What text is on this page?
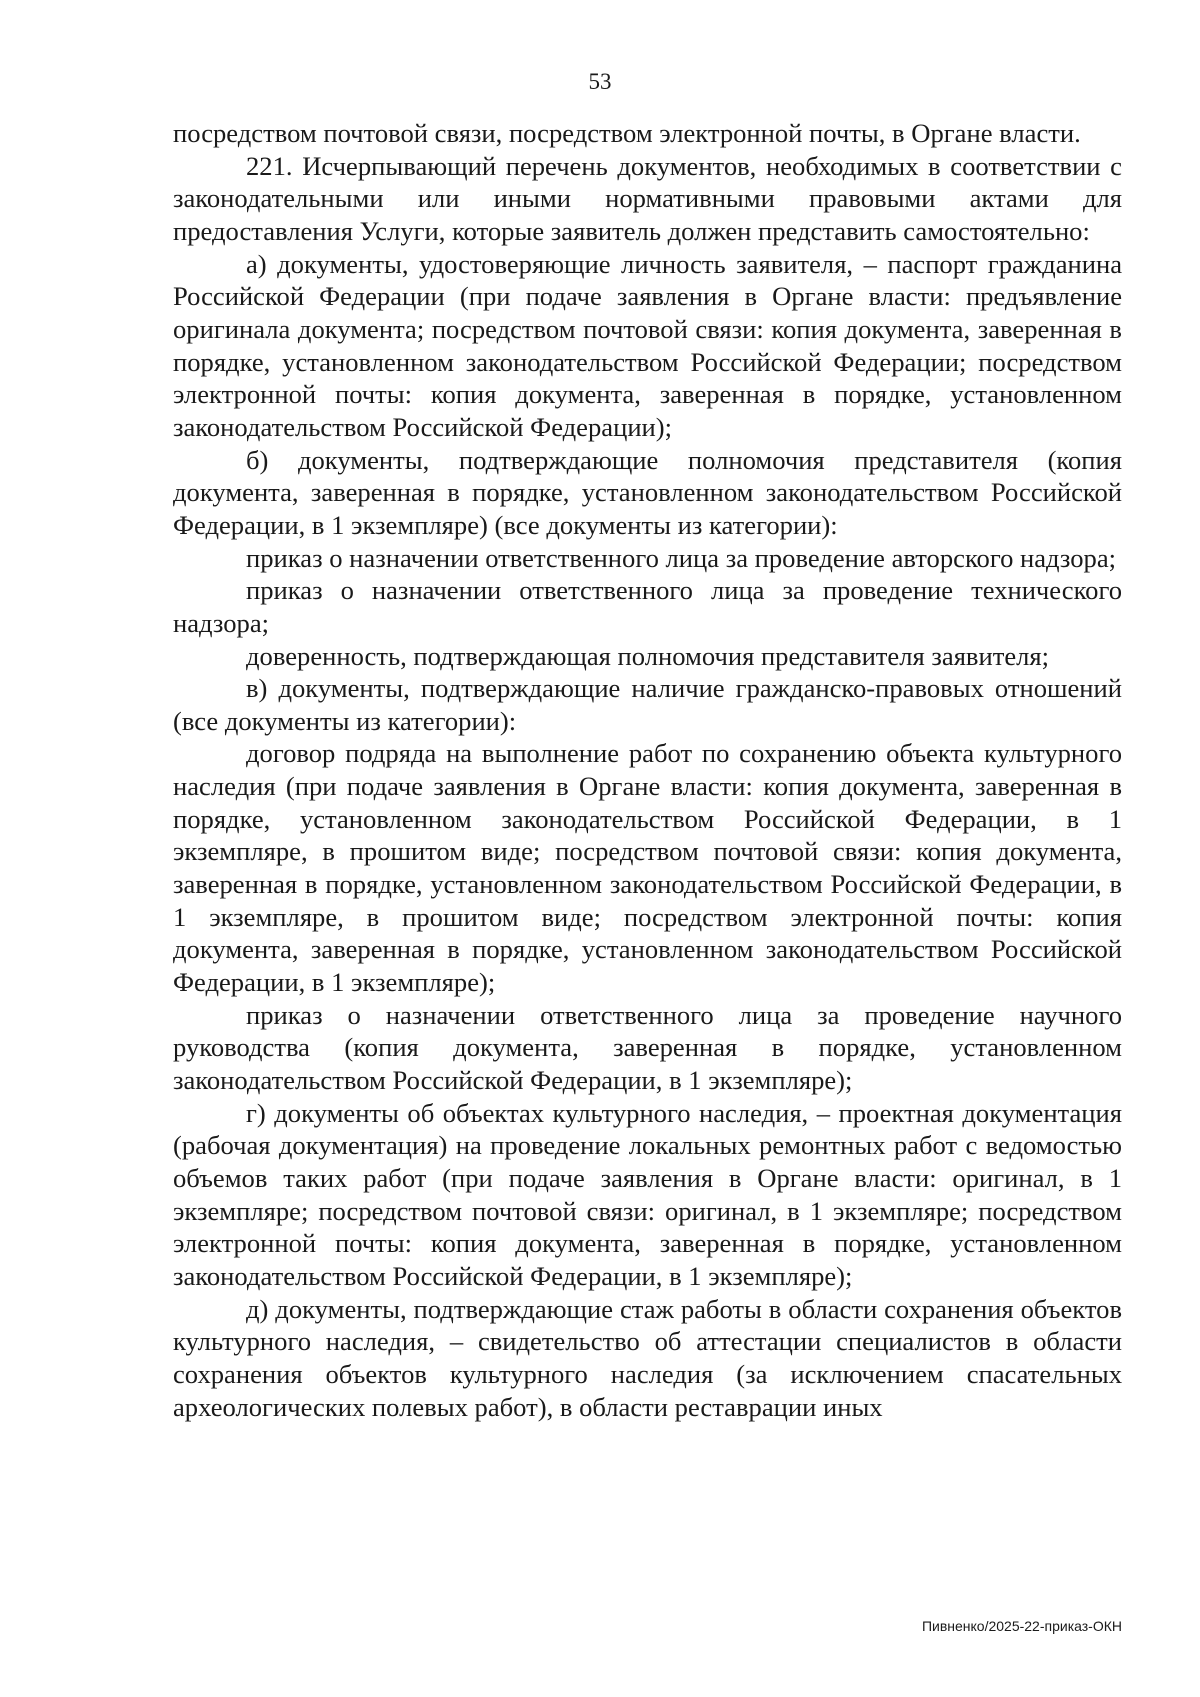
53

посредством почтовой связи, посредством электронной почты, в Органе власти.

221. Исчерпывающий перечень документов, необходимых в соответствии с законодательными или иными нормативными правовыми актами для предоставления Услуги, которые заявитель должен представить самостоятельно:

а) документы, удостоверяющие личность заявителя, – паспорт гражданина Российской Федерации (при подаче заявления в Органе власти: предъявление оригинала документа; посредством почтовой связи: копия документа, заверенная в порядке, установленном законодательством Российской Федерации; посредством электронной почты: копия документа, заверенная в порядке, установленном законодательством Российской Федерации);

б) документы, подтверждающие полномочия представителя (копия документа, заверенная в порядке, установленном законодательством Российской Федерации, в 1 экземпляре) (все документы из категории):

приказ о назначении ответственного лица за проведение авторского надзора;

приказ о назначении ответственного лица за проведение технического надзора;

доверенность, подтверждающая полномочия представителя заявителя;

в) документы, подтверждающие наличие гражданско-правовых отношений (все документы из категории):

договор подряда на выполнение работ по сохранению объекта культурного наследия (при подаче заявления в Органе власти: копия документа, заверенная в порядке, установленном законодательством Российской Федерации, в 1 экземпляре, в прошитом виде; посредством почтовой связи: копия документа, заверенная в порядке, установленном законодательством Российской Федерации, в 1 экземпляре, в прошитом виде; посредством электронной почты: копия документа, заверенная в порядке, установленном законодательством Российской Федерации, в 1 экземпляре);

приказ о назначении ответственного лица за проведение научного руководства (копия документа, заверенная в порядке, установленном законодательством Российской Федерации, в 1 экземпляре);

г) документы об объектах культурного наследия, – проектная документация (рабочая документация) на проведение локальных ремонтных работ с ведомостью объемов таких работ (при подаче заявления в Органе власти: оригинал, в 1 экземпляре; посредством почтовой связи: оригинал, в 1 экземпляре; посредством электронной почты: копия документа, заверенная в порядке, установленном законодательством Российской Федерации, в 1 экземпляре);

д) документы, подтверждающие стаж работы в области сохранения объектов культурного наследия, – свидетельство об аттестации специалистов в области сохранения объектов культурного наследия (за исключением спасательных археологических полевых работ), в области реставрации иных

Пивненко/2025-22-приказ-ОКН
